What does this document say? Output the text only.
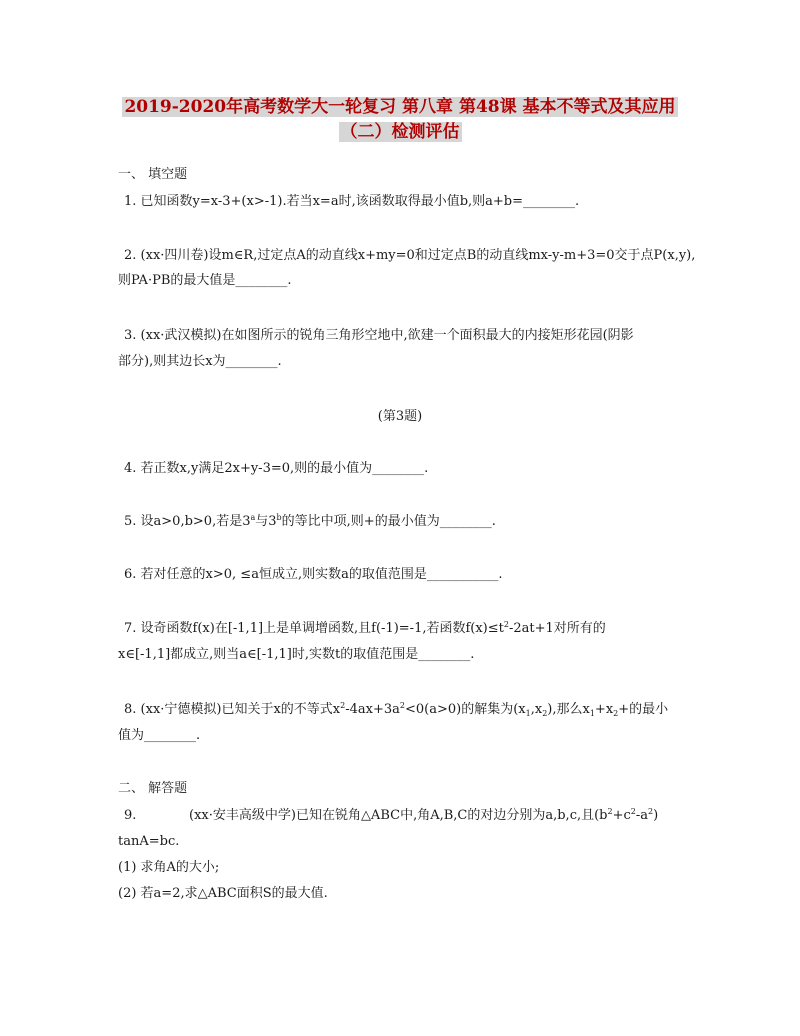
2019-2020年高考数学大一轮复习 第八章 第48课 基本不等式及其应用
（二）检测评估
一、 填空题
1. 已知函数y=x-3+(x>-1).若当x=a时,该函数取得最小值b,则a+b=________.
2. (xx·四川卷)设m∈R,过定点A的动直线x+my=0和过定点B的动直线mx-y-m+3=0交于点P(x,y),
则PA·PB的最大值是________.
3. (xx·武汉模拟)在如图所示的锐角三角形空地中,欲建一个面积最大的内接矩形花园(阴影
部分),则其边长x为________.
(第3题)
4. 若正数x,y满足2x+y-3=0,则的最小值为________.
5. 设a>0,b>0,若是3$^a$与3$^b$的等比中项,则+的最小值为________.
6. 若对任意的x>0, ≤a恒成立,则实数a的取值范围是___________.
7. 设奇函数f(x)在[-1,1]上是单调增函数,且f(-1)=-1,若函数$f(x)\le t^2-2at+1$对所有的
x∈[-1,1]都成立,则当a∈[-1,1]时,实数t的取值范围是________.
8. (xx·宁德模拟)已知关于x的不等式$x^2-4ax+3a^2<0(a>0)$的解集为$(x_1,x_2)$,那么$x_1+x_2+$的最小
值为________.
二、 解答题
9.	(xx·安丰高级中学)已知在锐角△ABC中,角A,B,C的对边分别为a,b,c,且$(b^2+c^2-a^2)$
tanA=bc.
(1) 求角A的大小;
(2) 若a=2,求△ABC面积S的最大值.
